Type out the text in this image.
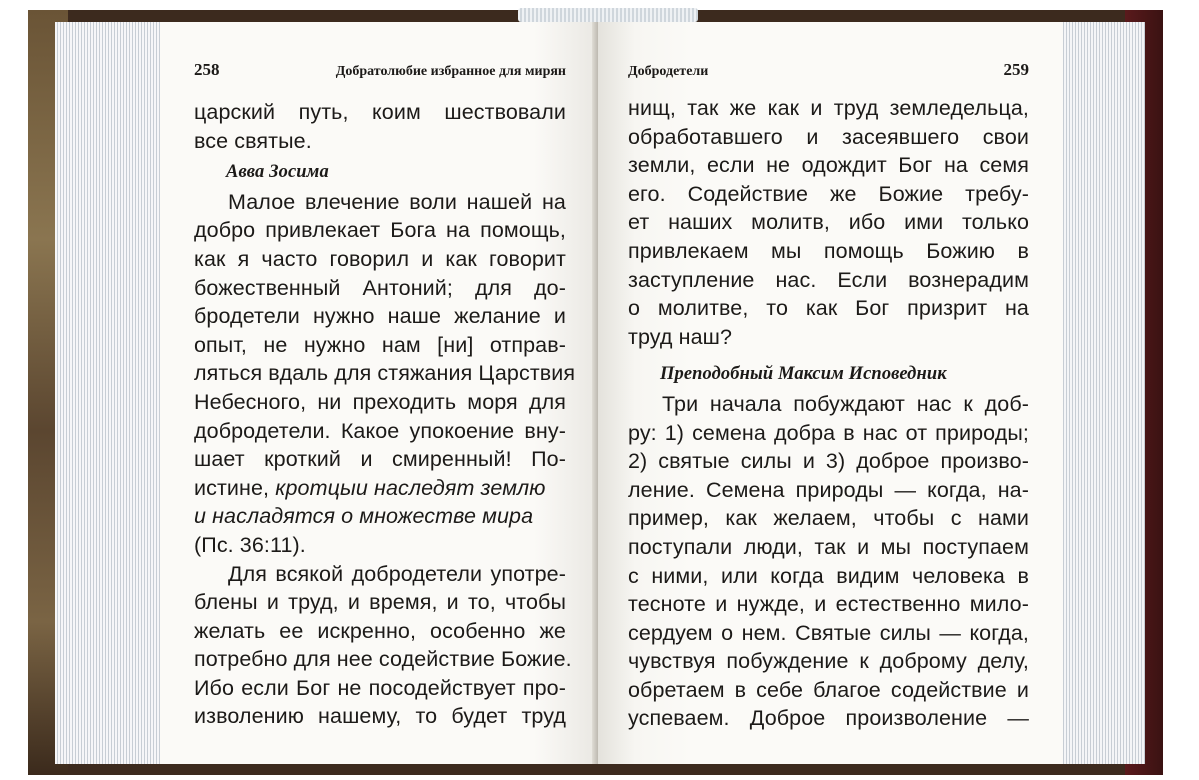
258	Добратолюбие избранное для мирян
царский путь, коим шествовали
все святые.
Авва Зосима
Малое влечение воли нашей на
добро привлекает Бога на помощь,
как я часто говорил и как говорит
божественный Антоний; для до-
бродетели нужно наше желание и
опыт, не нужно нам [ни] отправ-
ляться вдаль для стяжания Царствия
Небесного, ни преходить моря для
добродетели. Какое упокоение вну-
шает кроткий и смиренный! По-
истине, кротцыи наследят землю
и насладятся о множестве мира
(Пс. 36:11).
Для всякой добродетели употре-
блены и труд, и время, и то, чтобы
желать ее искренно, особенно же
потребно для нее содействие Божие.
Ибо если Бог не посодействует про-
изволению нашему, то будет труд
Добродетели	259
нищ, так же как и труд земледельца,
обработавшего и засеявшего свои
земли, если не одождит Бог на семя
его. Содействие же Божие требу-
ет наших молитв, ибо ими только
привлекаем мы помощь Божию в
заступление нас. Если вознерадим
о молитве, то как Бог призрит на
труд наш?
Преподобный Максим Исповедник
Три начала побуждают нас к доб-
ру: 1) семена добра в нас от природы;
2) святые силы и 3) доброе произво-
ление. Семена природы — когда, на-
пример, как желаем, чтобы с нами
поступали люди, так и мы поступаем
с ними, или когда видим человека в
тесноте и нужде, и естественно мило-
сердуем о нем. Святые силы — когда,
чувствуя побуждение к доброму делу,
обретаем в себе благое содействие и
успеваем. Доброе произволение —
